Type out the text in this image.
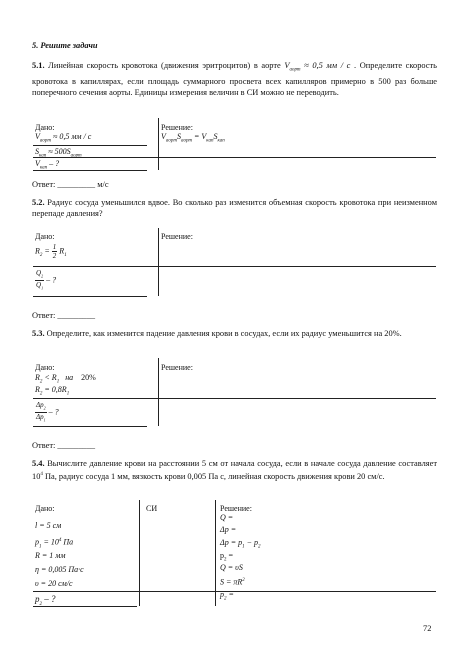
5. Решите задачи
5.1. Линейная скорость кровотока (движения эритроцитов) в аорте $V_{аорт} \approx 0,5$ мм / с . Определите скорость кровотока в капиллярах, если площадь суммарного просвета всех капилляров примерно в 500 раз больше поперечного сечения аорты. Единицы измерения величин в СИ можно не переводить.
Дано:
$V_{аорт} \approx 0,5$ мм / с
$S_{кап} \approx 500S_{аорт}$
$V_{кап}$ – ?
Решение:
$V_{аорт}S_{аорт} = V_{кап}S_{кап}$
Ответ: _________ м/с
5.2. Радиус сосуда уменьшился вдвое. Во сколько раз изменится объемная скорость кровотока при неизменном перепаде давления?
Дано:
$R_2 = \frac{1}{2} R_1$
$\frac{Q_2}{Q_1}$ – ?
Решение:
Ответ: _________
5.3. Определите, как изменится падение давления крови в сосудах, если их радиус уменьшится на 20%.
Дано:
$R_2 < R_1$   на    20%
$R_2 = 0,8R_1$
$\frac{\Delta p_2}{\Delta p_1}$ – ?
Решение:
Ответ: _________
5.4. Вычислите давление крови на расстоянии 5 см от начала сосуда, если в начале сосуда давление составляет $10^4$ Па, радиус сосуда 1 мм, вязкость крови 0,005 Па с, линейная скорость движения крови 20 см/с.
Дано:
l = 5 см
$p_1 = 10^4$ Па
R = 1 мм
η = 0,005 Па·с
υ = 20 см/с
$p_2$ – ?
СИ	Решение:
Q =
Δp =
$\Delta p = p_1 - p_2$
$p_2$ =
Q = υS
$S = \pi R^2$
$p_2$ =
72
